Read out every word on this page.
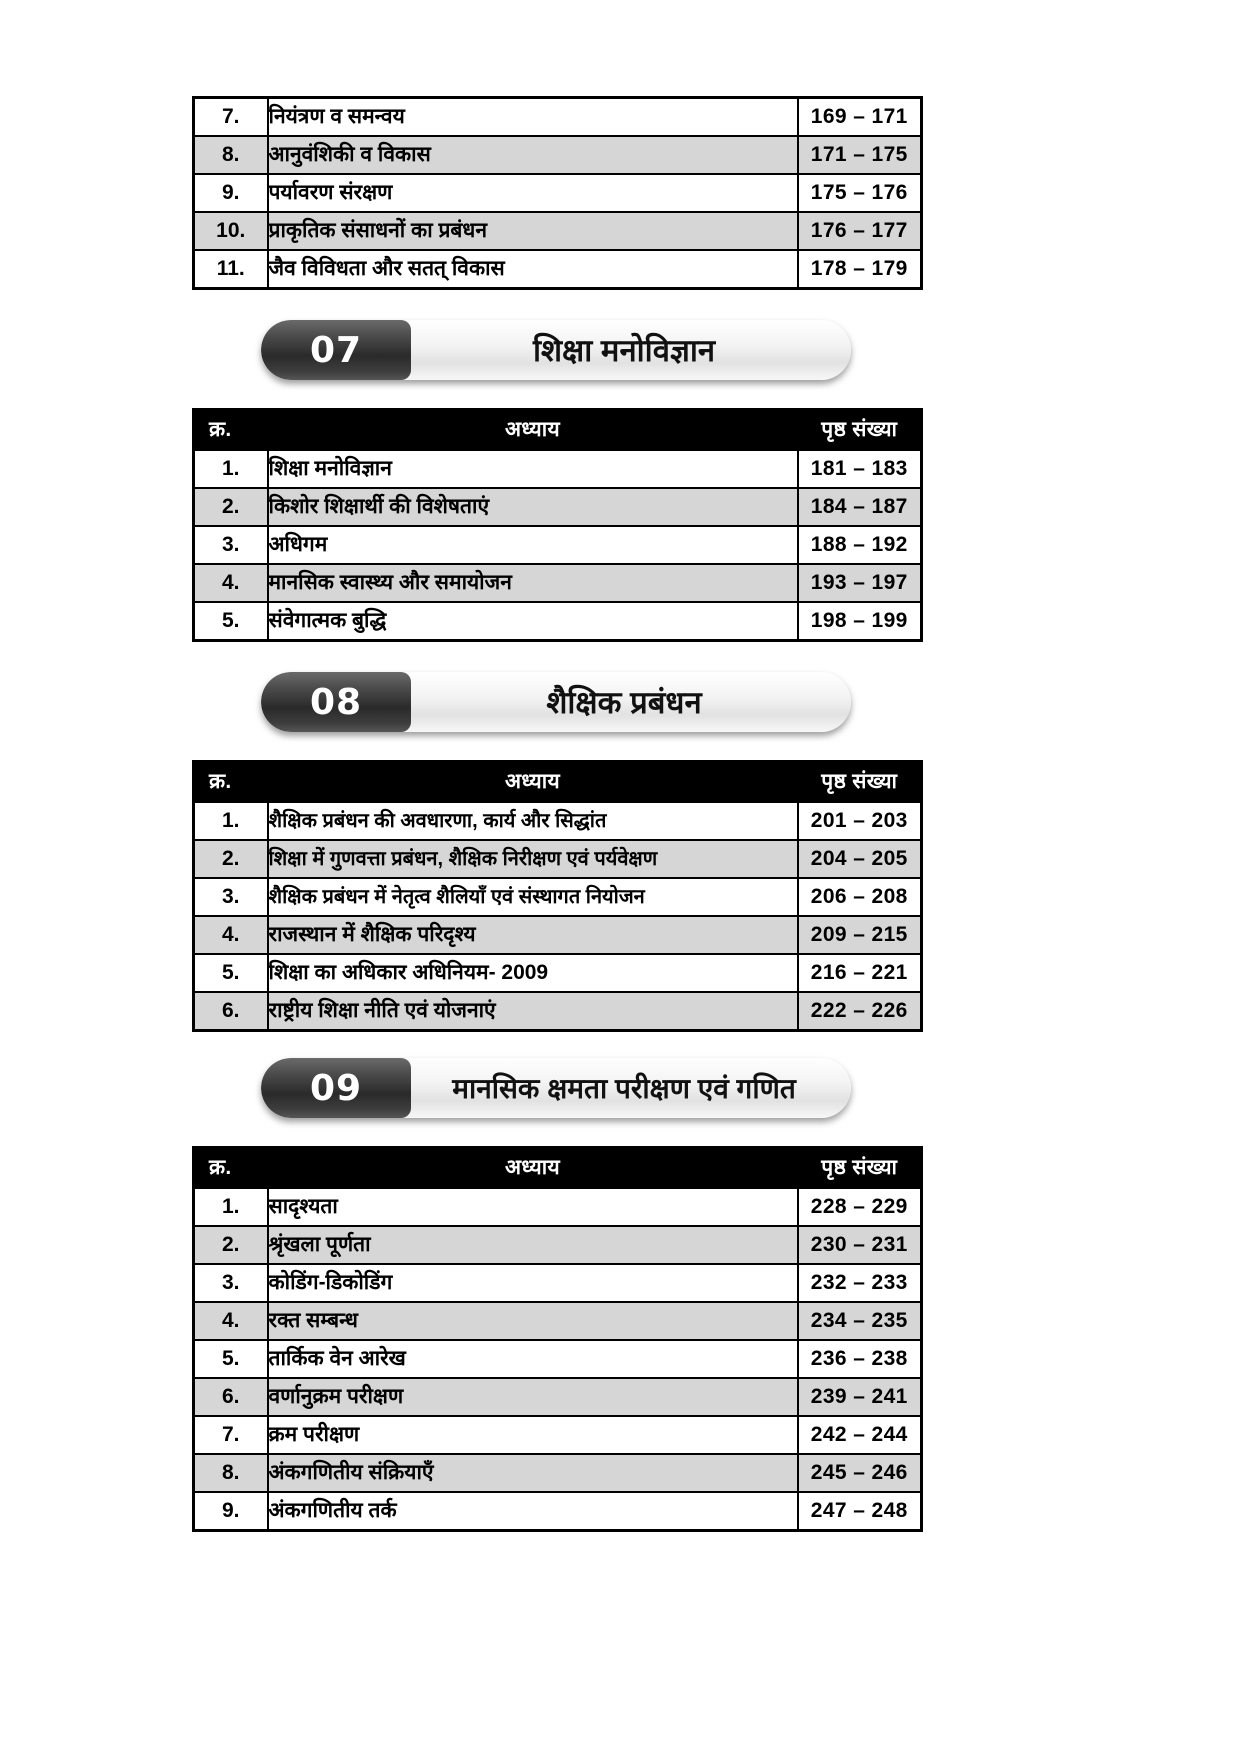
7.	नियंत्रण व समन्वय	169 – 171
8.	आनुवंशिकी व विकास	171 – 175
9.	पर्यावरण संरक्षण	175 – 176
10.	प्राकृतिक संसाधनों का प्रबंधन	176 – 177
11.	जैव विविधता और सतत् विकास	178 – 179
07	शिक्षा मनोविज्ञान
क्र.	अध्याय	पृष्ठ संख्या
1.	शिक्षा मनोविज्ञान	181 – 183
2.	किशोर शिक्षार्थी की विशेषताएं	184 – 187
3.	अधिगम	188 – 192
4.	मानसिक स्वास्थ्य और समायोजन	193 – 197
5.	संवेगात्मक बुद्धि	198 – 199
08	शैक्षिक प्रबंधन
क्र.	अध्याय	पृष्ठ संख्या
1.	शैक्षिक प्रबंधन की अवधारणा, कार्य और सिद्धांत	201 – 203
2.	शिक्षा में गुणवत्ता प्रबंधन, शैक्षिक निरीक्षण एवं पर्यवेक्षण	204 – 205
3.	शैक्षिक प्रबंधन में नेतृत्व शैलियाँ एवं संस्थागत नियोजन	206 – 208
4.	राजस्थान में शैक्षिक परिदृश्य	209 – 215
5.	शिक्षा का अधिकार अधिनियम- 2009	216 – 221
6.	राष्ट्रीय शिक्षा नीति एवं योजनाएं	222 – 226
09	मानसिक क्षमता परीक्षण एवं गणित
क्र.	अध्याय	पृष्ठ संख्या
1.	सादृश्यता	228 – 229
2.	श्रृंखला पूर्णता	230 – 231
3.	कोडिंग-डिकोडिंग	232 – 233
4.	रक्त सम्बन्ध	234 – 235
5.	तार्किक वेन आरेख	236 – 238
6.	वर्णानुक्रम परीक्षण	239 – 241
7.	क्रम परीक्षण	242 – 244
8.	अंकगणितीय संक्रियाएँ	245 – 246
9.	अंकगणितीय तर्क	247 – 248
